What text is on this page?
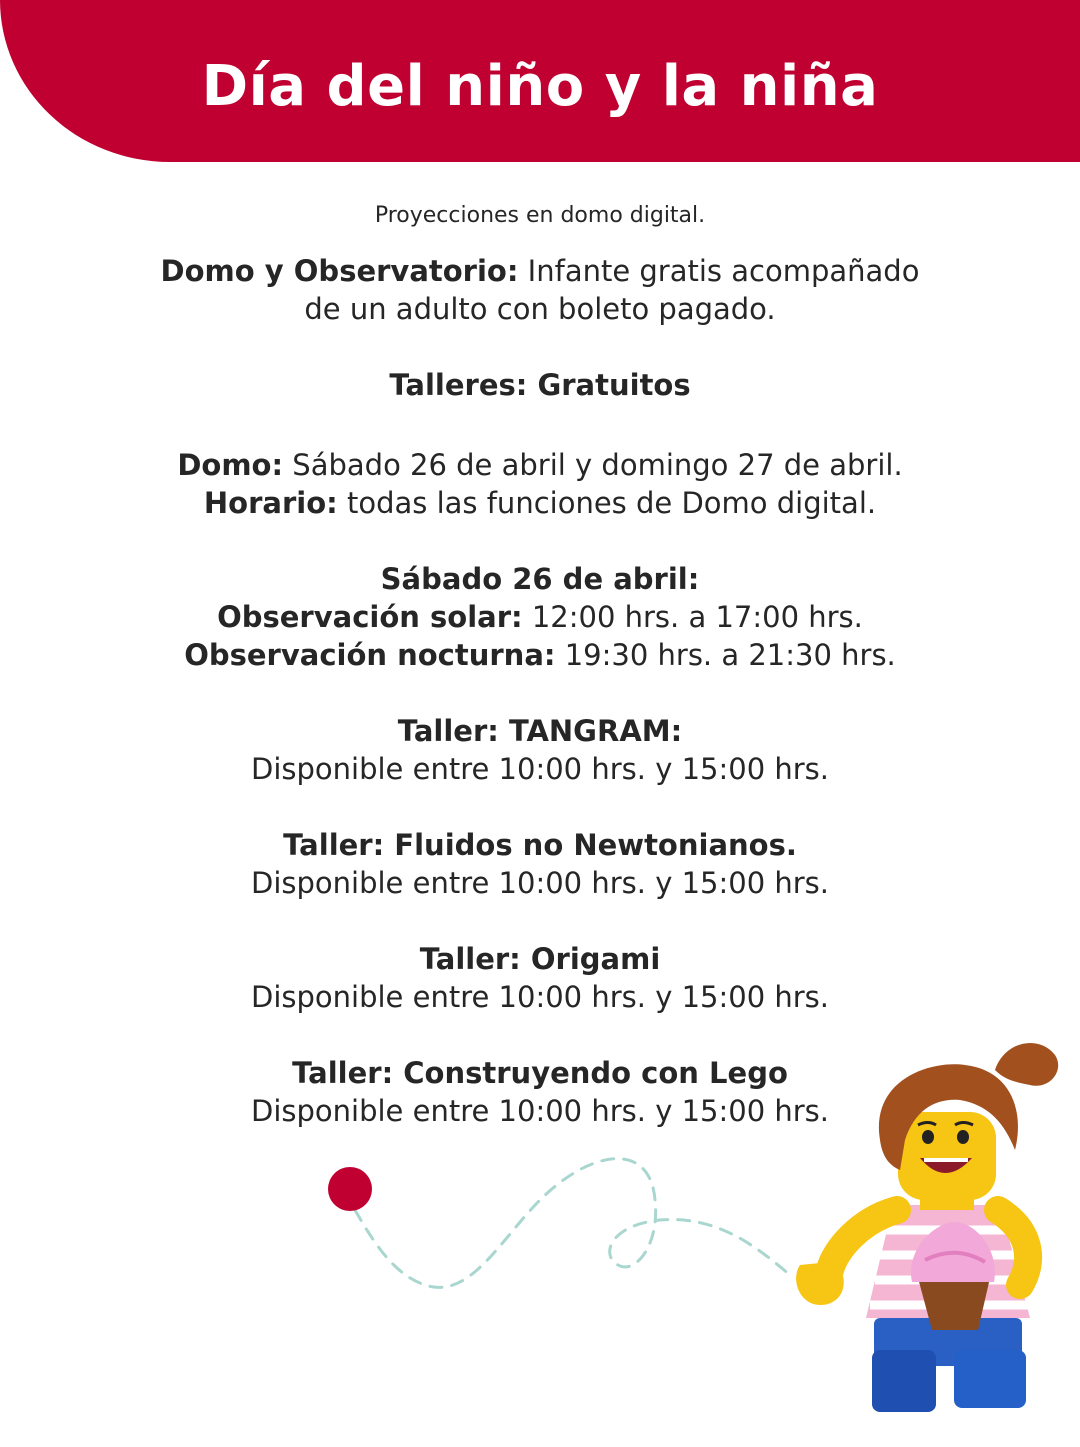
Día del niño y la niña
Proyecciones en domo digital.
Domo y Observatorio: Infante gratis acompañado
de un adulto con boleto pagado.
Talleres: Gratuitos
Domo: Sábado 26 de abril y domingo 27 de abril.
Horario: todas las funciones de Domo digital.
Sábado 26 de abril:
Observación solar: 12:00 hrs. a 17:00 hrs.
Observación nocturna: 19:30 hrs. a 21:30 hrs.
Taller: TANGRAM:
Disponible entre 10:00 hrs. y 15:00 hrs.
Taller: Fluidos no Newtonianos.
Disponible entre 10:00 hrs. y 15:00 hrs.
Taller: Origami
Disponible entre 10:00 hrs. y 15:00 hrs.
Taller: Construyendo con Lego
Disponible entre 10:00 hrs. y 15:00 hrs.
